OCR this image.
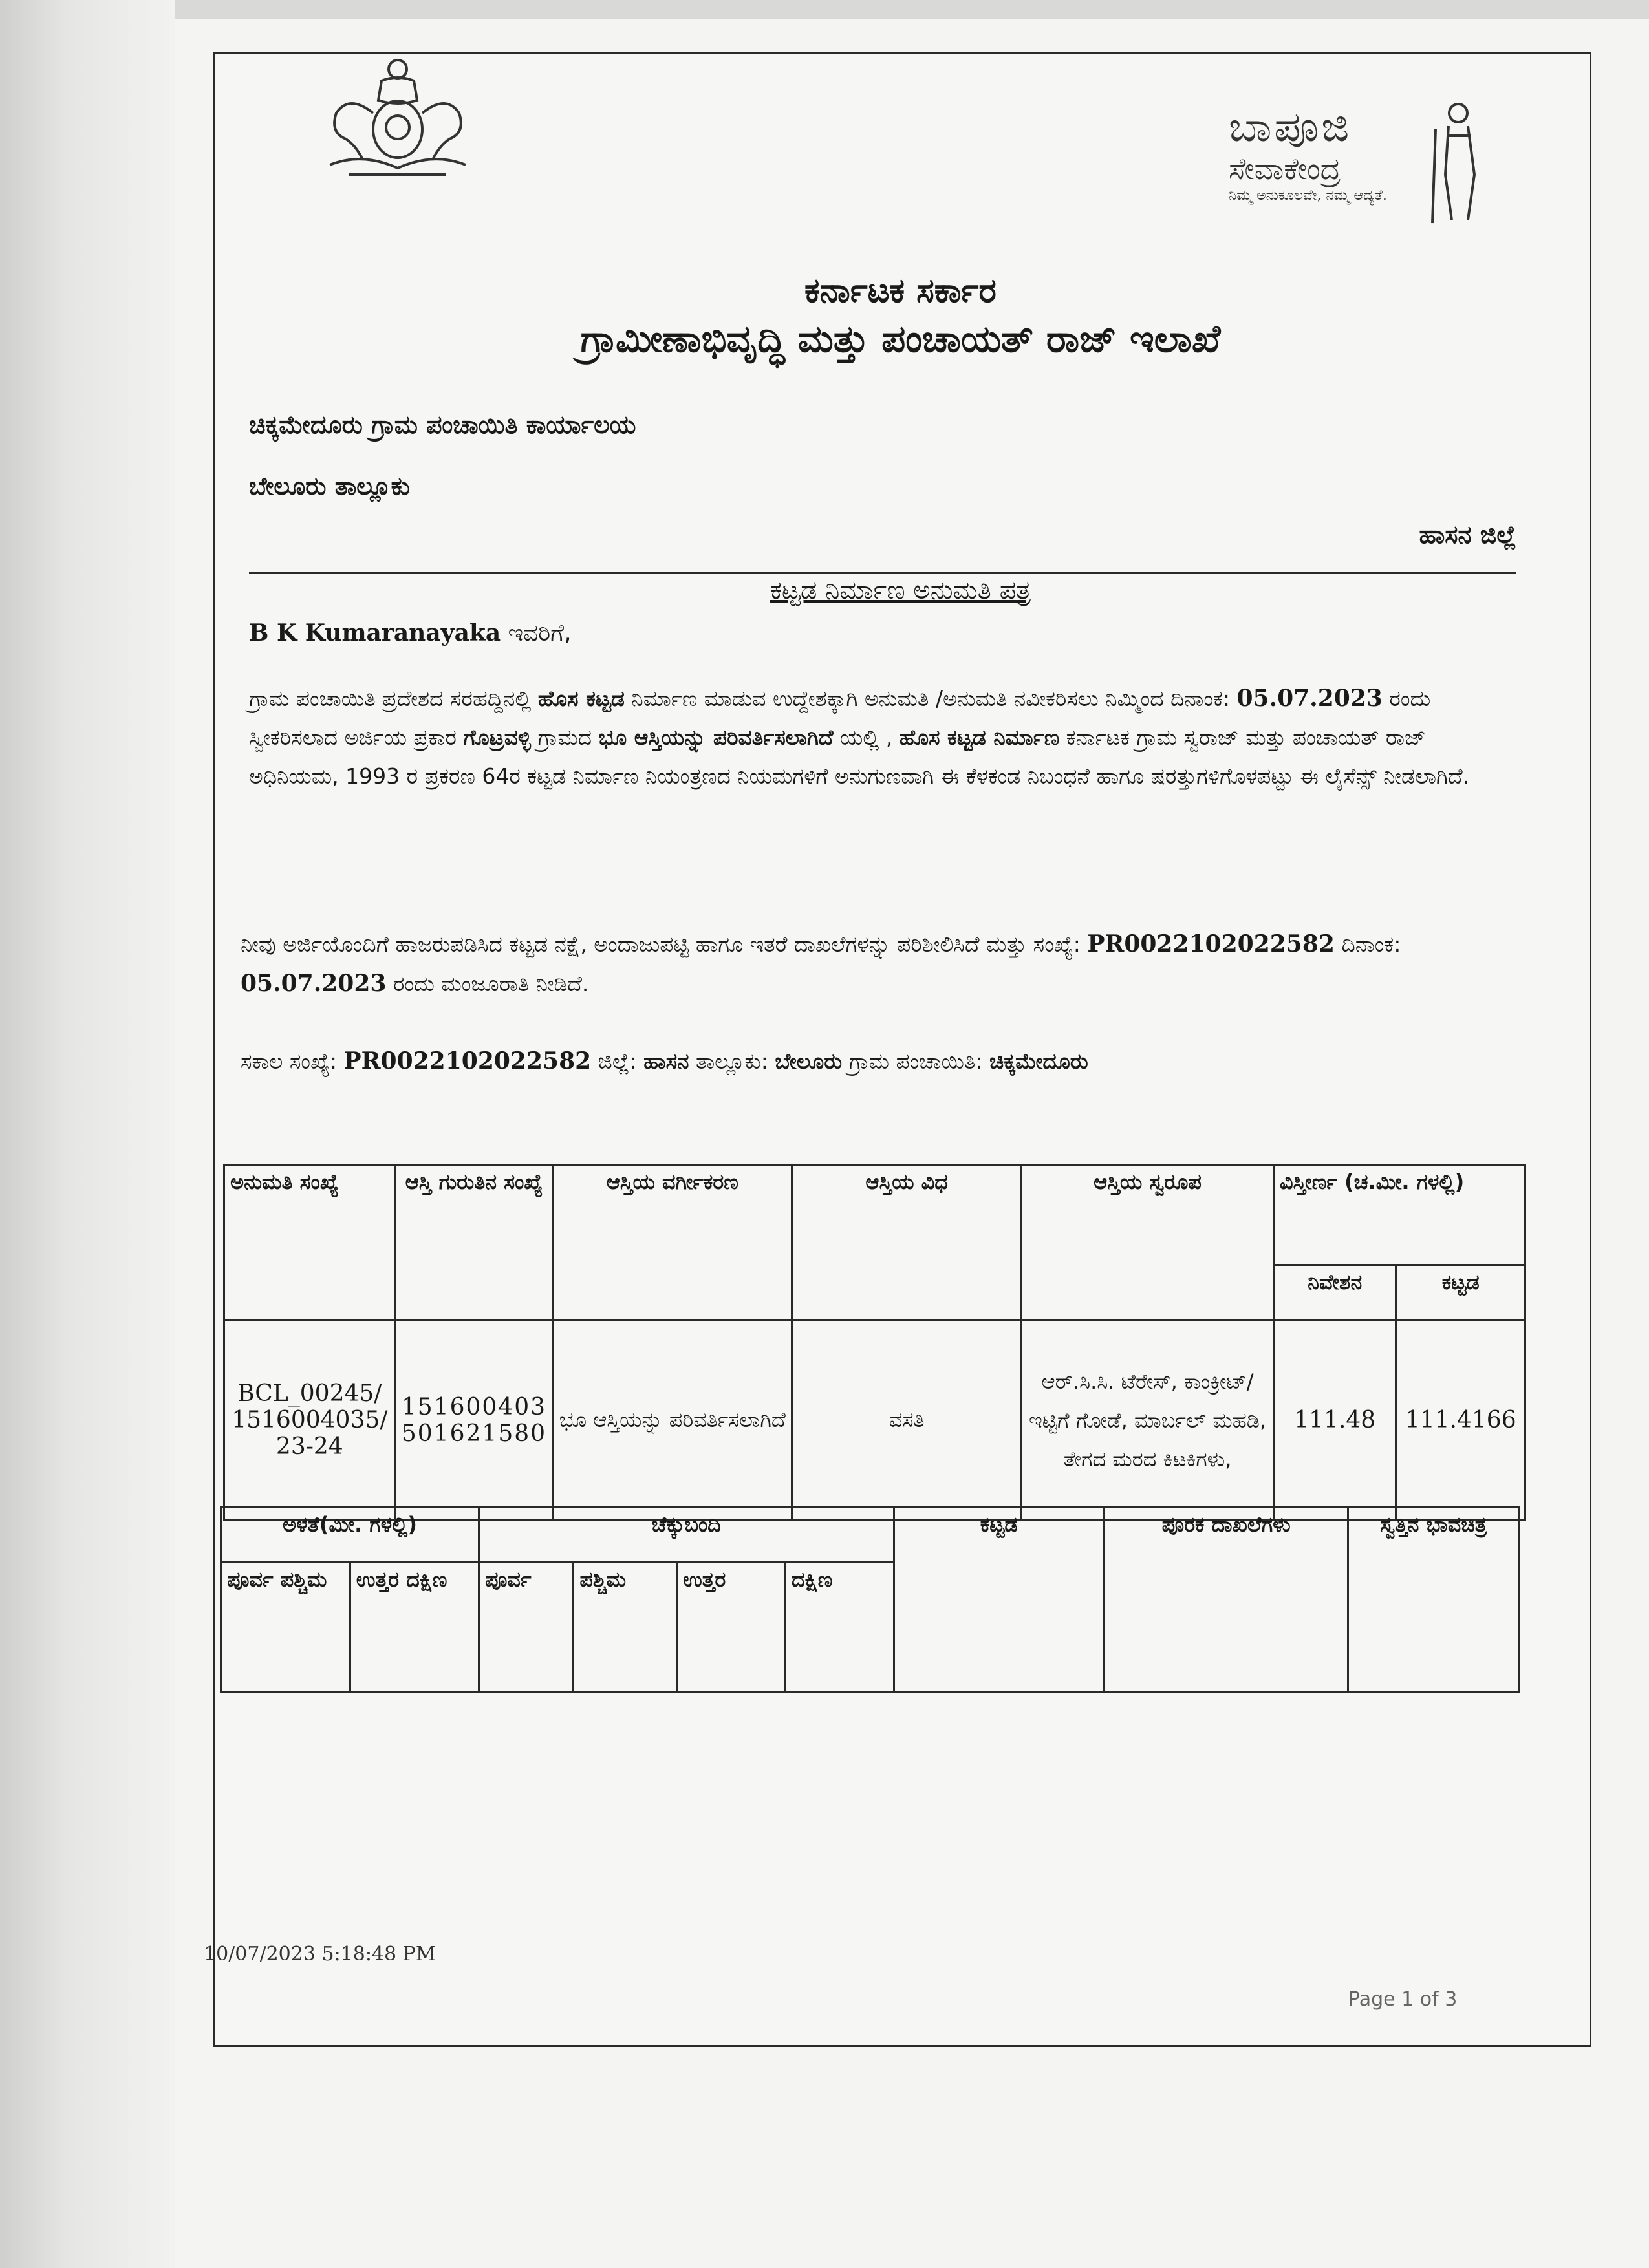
ಬಾಪೂಜಿ
ಸೇವಾಕೇಂದ್ರ
ನಿಮ್ಮ ಅನುಕೂಲವೇ, ನಮ್ಮ ಆದ್ಯತೆ.
ಕರ್ನಾಟಕ ಸರ್ಕಾರ
ಗ್ರಾಮೀಣಾಭಿವೃದ್ಧಿ ಮತ್ತು ಪಂಚಾಯತ್ ರಾಜ್ ಇಲಾಖೆ
ಚಿಕ್ಕಮೇದೂರು ಗ್ರಾಮ ಪಂಚಾಯಿತಿ ಕಾರ್ಯಾಲಯ
ಬೇಲೂರು ತಾಲ್ಲೂಕು
ಹಾಸನ ಜಿಲ್ಲೆ
ಕಟ್ಟಡ ನಿರ್ಮಾಣ ಅನುಮತಿ ಪತ್ರ
B K Kumaranayaka ಇವರಿಗೆ,
ಗ್ರಾಮ ಪಂಚಾಯಿತಿ ಪ್ರದೇಶದ ಸರಹದ್ದಿನಲ್ಲಿ ಹೊಸ ಕಟ್ಟಡ ನಿರ್ಮಾಣ ಮಾಡುವ ಉದ್ದೇಶಕ್ಕಾಗಿ ಅನುಮತಿ /ಅನುಮತಿ ನವೀಕರಿಸಲು ನಿಮ್ಮಿಂದ ದಿನಾಂಕ: 05.07.2023 ರಂದು ಸ್ವೀಕರಿಸಲಾದ ಅರ್ಜಿಯ ಪ್ರಕಾರ ಗೊಟ್ರವಳ್ಳಿ ಗ್ರಾಮದ ಭೂ ಆಸ್ತಿಯನ್ನು ಪರಿವರ್ತಿಸಲಾಗಿದೆ ಯಲ್ಲಿ , ಹೊಸ ಕಟ್ಟಡ ನಿರ್ಮಾಣ ಕರ್ನಾಟಕ ಗ್ರಾಮ ಸ್ವರಾಜ್ ಮತ್ತು ಪಂಚಾಯತ್ ರಾಜ್ ಅಧಿನಿಯಮ, 1993 ರ ಪ್ರಕರಣ 64ರ ಕಟ್ಟಡ ನಿರ್ಮಾಣ ನಿಯಂತ್ರಣದ ನಿಯಮಗಳಿಗೆ ಅನುಗುಣವಾಗಿ ಈ ಕೆಳಕಂಡ ನಿಬಂಧನೆ ಹಾಗೂ ಷರತ್ತುಗಳಿಗೊಳಪಟ್ಟು ಈ ಲೈಸೆನ್ಸ್ ನೀಡಲಾಗಿದೆ.
ನೀವು ಅರ್ಜಿಯೊಂದಿಗೆ ಹಾಜರುಪಡಿಸಿದ ಕಟ್ಟಡ ನಕ್ಷೆ, ಅಂದಾಜುಪಟ್ಟಿ ಹಾಗೂ ಇತರೆ ದಾಖಲೆಗಳನ್ನು ಪರಿಶೀಲಿಸಿದೆ ಮತ್ತು ಸಂಖ್ಯೆ: PR0022102022582 ದಿನಾಂಕ: 05.07.2023 ರಂದು ಮಂಜೂರಾತಿ ನೀಡಿದೆ.
ಸಕಾಲ ಸಂಖ್ಯೆ: PR0022102022582 ಜಿಲ್ಲೆ: ಹಾಸನ ತಾಲ್ಲೂಕು: ಬೇಲೂರು ಗ್ರಾಮ ಪಂಚಾಯಿತಿ: ಚಿಕ್ಕಮೇದೂರು
ಅನುಮತಿ ಸಂಖ್ಯೆ	ಆಸ್ತಿ ಗುರುತಿನ ಸಂಖ್ಯೆ	ಆಸ್ತಿಯ ವರ್ಗೀಕರಣ	ಆಸ್ತಿಯ ವಿಧ	ಆಸ್ತಿಯ ಸ್ವರೂಪ	ವಿಸ್ತೀರ್ಣ (ಚ.ಮೀ. ಗಳಲ್ಲಿ)	
					ನಿವೇಶನ	ಕಟ್ಟಡ
BCL_00245/ 1516004035/ 23-24	151600403 501621580	ಭೂ ಆಸ್ತಿಯನ್ನು ಪರಿವರ್ತಿಸಲಾಗಿದೆ	ವಸತಿ	ಆರ್.ಸಿ.ಸಿ. ಟೆರೇಸ್, ಕಾಂಕ್ರೀಟ್/ಇಟ್ಟಿಗೆ ಗೋಡೆ, ಮಾರ್ಬಲ್ ಮಹಡಿ, ತೇಗದ ಮರದ ಕಿಟಕಿಗಳು,	111.48	111.4166
ಅಳತೆ(ಮೀ. ಗಳಲ್ಲಿ)		ಚೆಕ್ಕುಬಂದಿ				ಕಟ್ಟಡ	ಪೂರಕ ದಾಖಲೆಗಳು	ಸ್ವತ್ತಿನ ಭಾವಚಿತ್ರ
ಪೂರ್ವ ಪಶ್ಚಿಮ	ಉತ್ತರ ದಕ್ಷಿಣ	ಪೂರ್ವ	ಪಶ್ಚಿಮ	ಉತ್ತರ	ದಕ್ಷಿಣ			
10/07/2023 5:18:48 PM
Page 1 of 3
